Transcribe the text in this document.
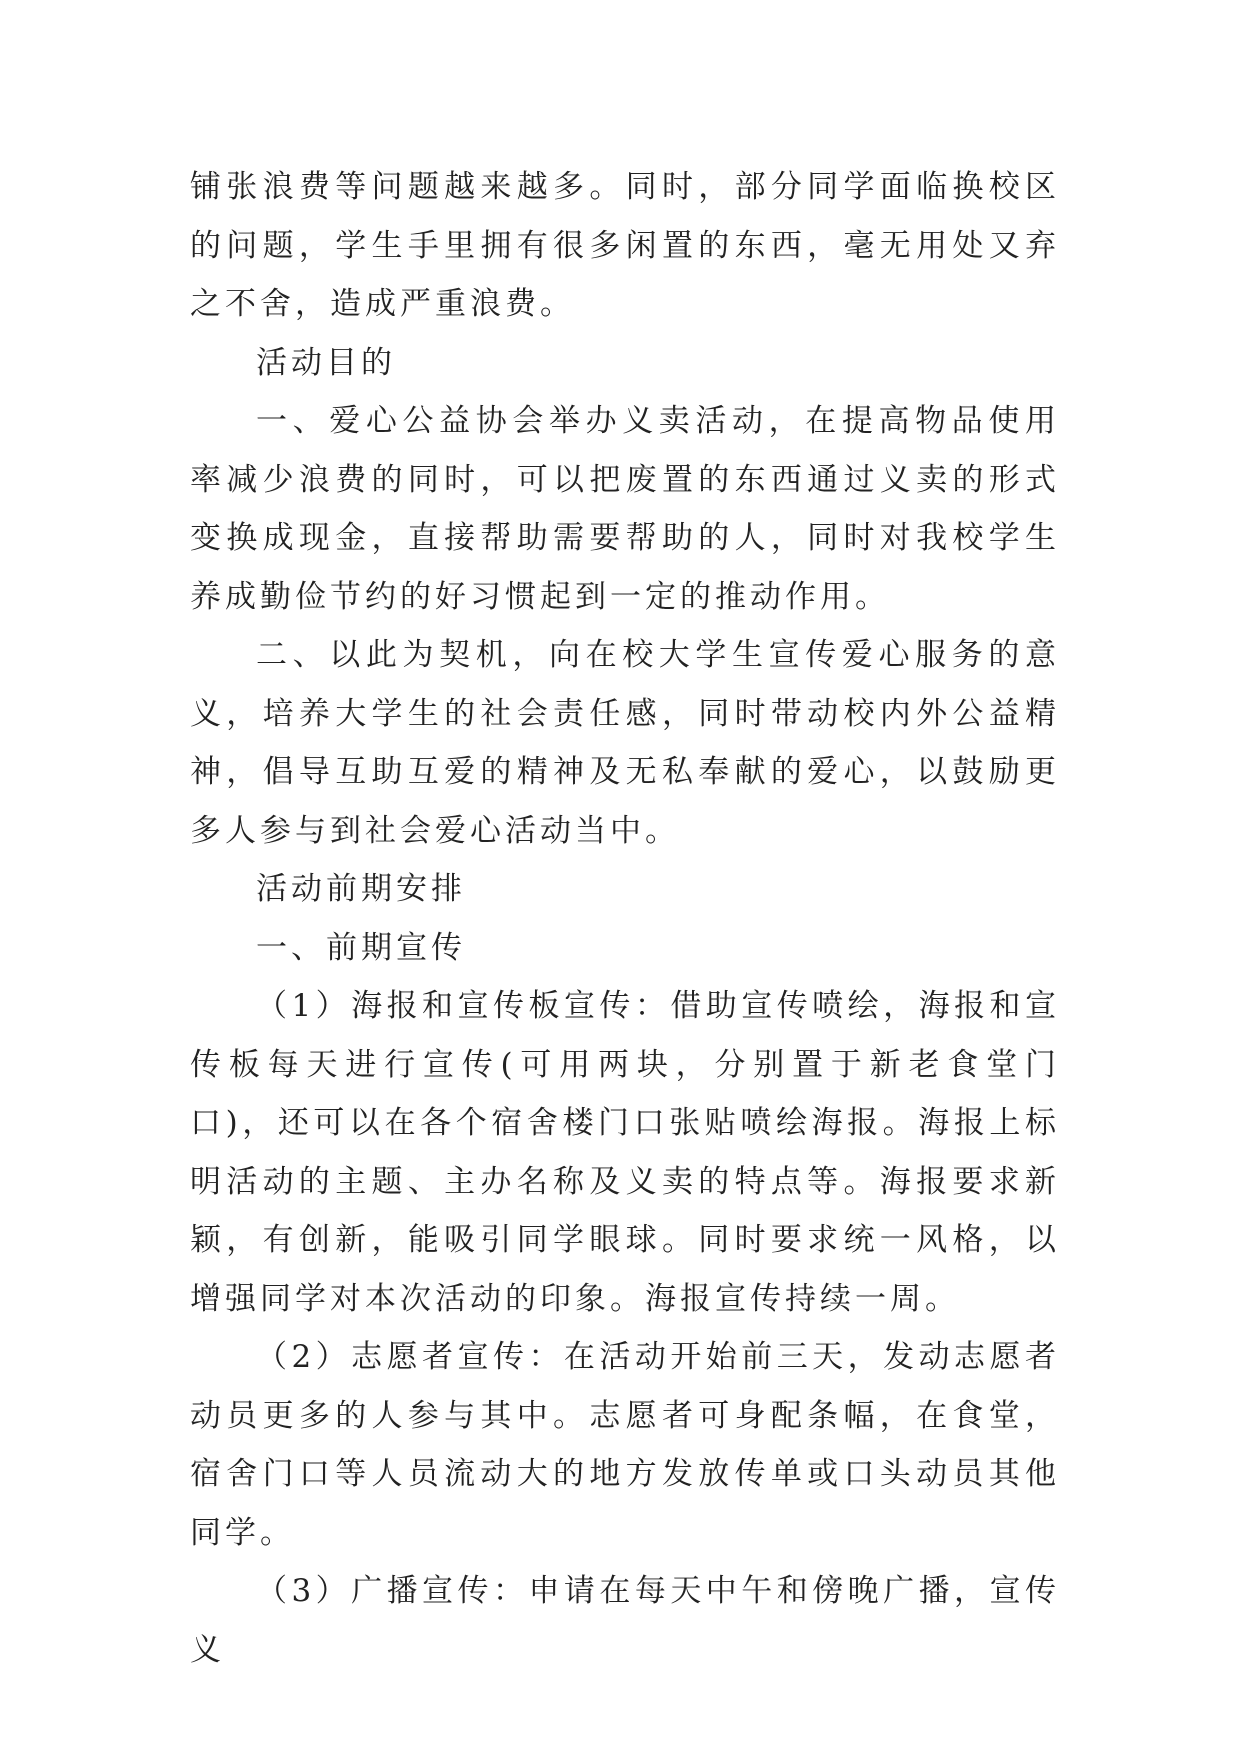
铺张浪费等问题越来越多。同时，部分同学面临换校区的问题，学生手里拥有很多闲置的东西，毫无用处又弃之不舍，造成严重浪费。

活动目的

一、爱心公益协会举办义卖活动，在提高物品使用率减少浪费的同时，可以把废置的东西通过义卖的形式变换成现金，直接帮助需要帮助的人，同时对我校学生养成勤俭节约的好习惯起到一定的推动作用。

二、以此为契机，向在校大学生宣传爱心服务的意义，培养大学生的社会责任感，同时带动校内外公益精神，倡导互助互爱的精神及无私奉献的爱心，以鼓励更多人参与到社会爱心活动当中。

活动前期安排

一、前期宣传

（1）海报和宣传板宣传：借助宣传喷绘，海报和宣传板每天进行宣传(可用两块，分别置于新老食堂门口)，还可以在各个宿舍楼门口张贴喷绘海报。海报上标明活动的主题、主办名称及义卖的特点等。海报要求新颖，有创新，能吸引同学眼球。同时要求统一风格，以增强同学对本次活动的印象。海报宣传持续一周。

（2）志愿者宣传：在活动开始前三天，发动志愿者动员更多的人参与其中。志愿者可身配条幅，在食堂，宿舍门口等人员流动大的地方发放传单或口头动员其他同学。

（3）广播宣传：申请在每天中午和傍晚广播，宣传义
